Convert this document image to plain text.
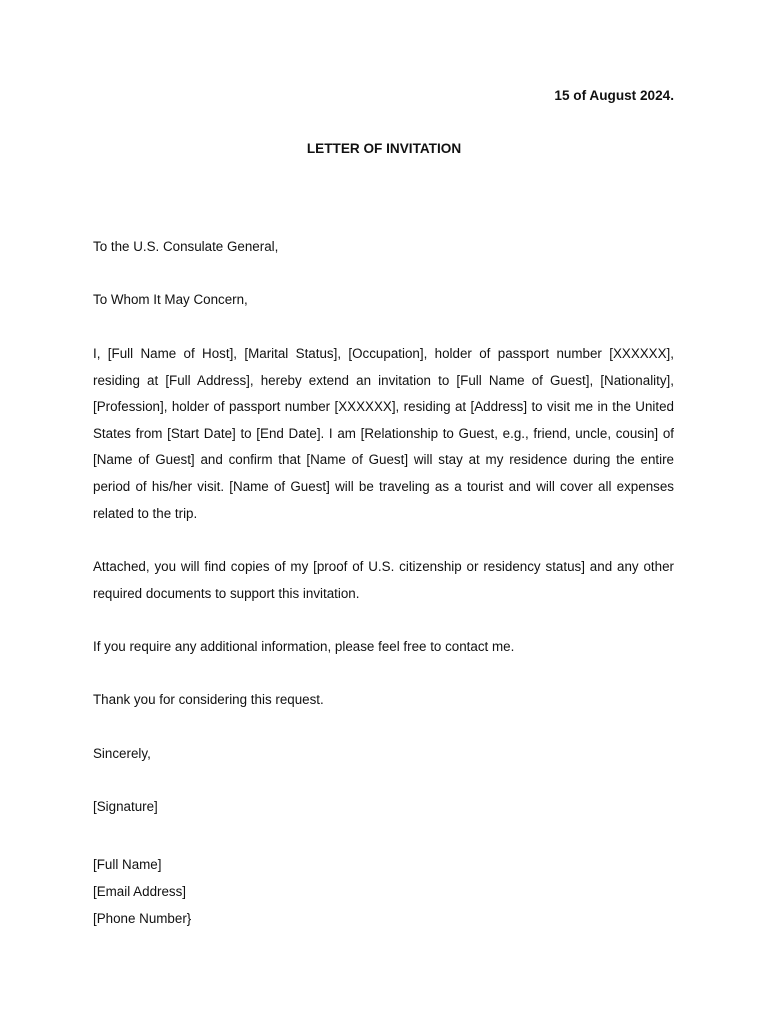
15 of August 2024.
LETTER OF INVITATION
To the U.S. Consulate General,
To Whom It May Concern,
I, [Full Name of Host], [Marital Status], [Occupation], holder of passport number [XXXXXX], residing at [Full Address], hereby extend an invitation to [Full Name of Guest], [Nationality], [Profession], holder of passport number [XXXXXX], residing at [Address] to visit me in the United States from [Start Date] to [End Date]. I am [Relationship to Guest, e.g., friend, uncle, cousin] of [Name of Guest] and confirm that [Name of Guest] will stay at my residence during the entire period of his/her visit. [Name of Guest] will be traveling as a tourist and will cover all expenses related to the trip.
Attached, you will find copies of my [proof of U.S. citizenship or residency status] and any other required documents to support this invitation.
If you require any additional information, please feel free to contact me.
Thank you for considering this request.
Sincerely,
[Signature]
[Full Name]
[Email Address]
[Phone Number}
